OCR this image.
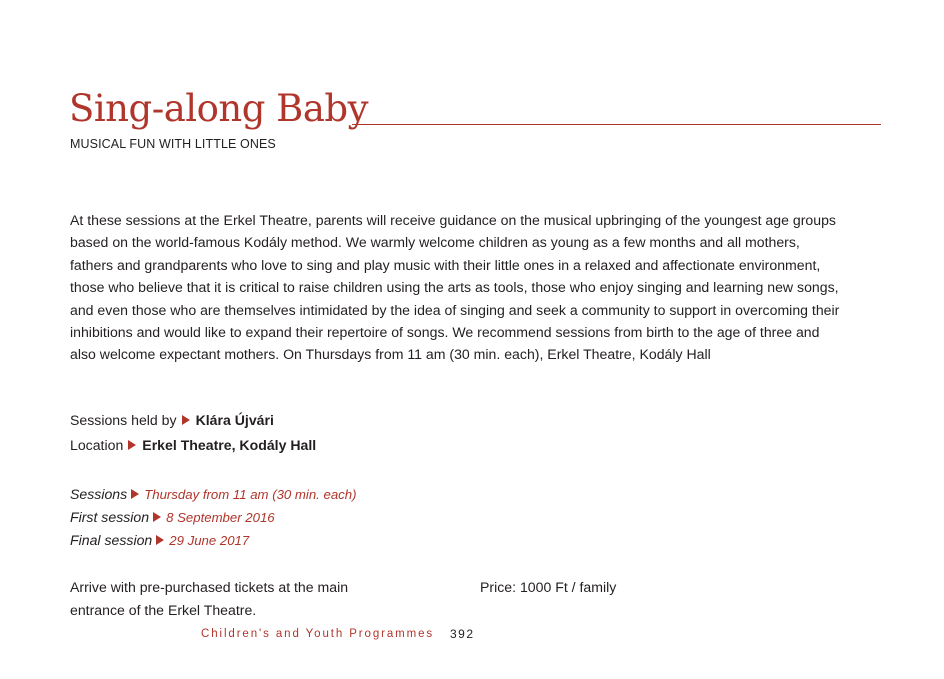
Sing-along Baby
MUSICAL FUN WITH LITTLE ONES
At these sessions at the Erkel Theatre, parents will receive guidance on the musical upbringing of the youngest age groups
based on the world-famous Kodály method. We warmly welcome children as young as a few months and all mothers,
fathers and grandparents who love to sing and play music with their little ones in a relaxed and affectionate environment,
those who believe that it is critical to raise children using the arts as tools, those who enjoy singing and learning new songs,
and even those who are themselves intimidated by the idea of singing and seek a community to support in overcoming their
inhibitions and would like to expand their repertoire of songs. We recommend sessions from birth to the age of three and
also welcome expectant mothers. On Thursdays from 11 am (30 min. each), Erkel Theatre, Kodály Hall
Sessions held by Klára Újvári
Location Erkel Theatre, Kodály Hall
Sessions Thursday from 11 am (30 min. each)
First session 8 September 2016
Final session 29 June 2017
Arrive with pre-purchased tickets at the main entrance of the Erkel Theatre.
Price: 1000 Ft / family
Children's and Youth Programmes 392
